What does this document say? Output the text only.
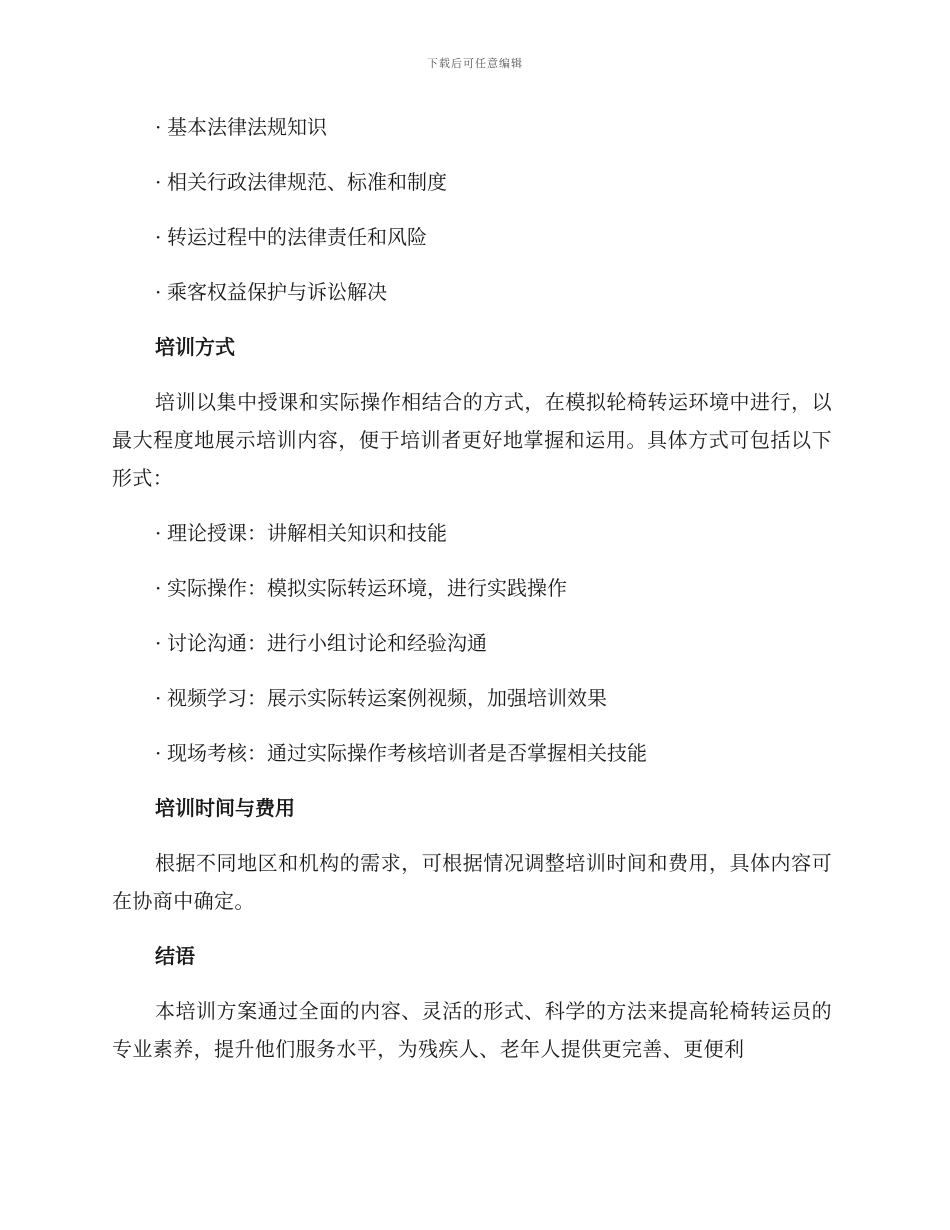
下载后可任意编辑
· 基本法律法规知识
· 相关行政法律规范、标准和制度
· 转运过程中的法律责任和风险
· 乘客权益保护与诉讼解决
培训方式
培训以集中授课和实际操作相结合的方式，在模拟轮椅转运环境中进行，以最大程度地展示培训内容，便于培训者更好地掌握和运用。具体方式可包括以下形式：
· 理论授课：讲解相关知识和技能
· 实际操作：模拟实际转运环境，进行实践操作
· 讨论沟通：进行小组讨论和经验沟通
· 视频学习：展示实际转运案例视频，加强培训效果
· 现场考核：通过实际操作考核培训者是否掌握相关技能
培训时间与费用
根据不同地区和机构的需求，可根据情况调整培训时间和费用，具体内容可在协商中确定。
结语
本培训方案通过全面的内容、灵活的形式、科学的方法来提高轮椅转运员的专业素养，提升他们服务水平，为残疾人、老年人提供更完善、更便利
